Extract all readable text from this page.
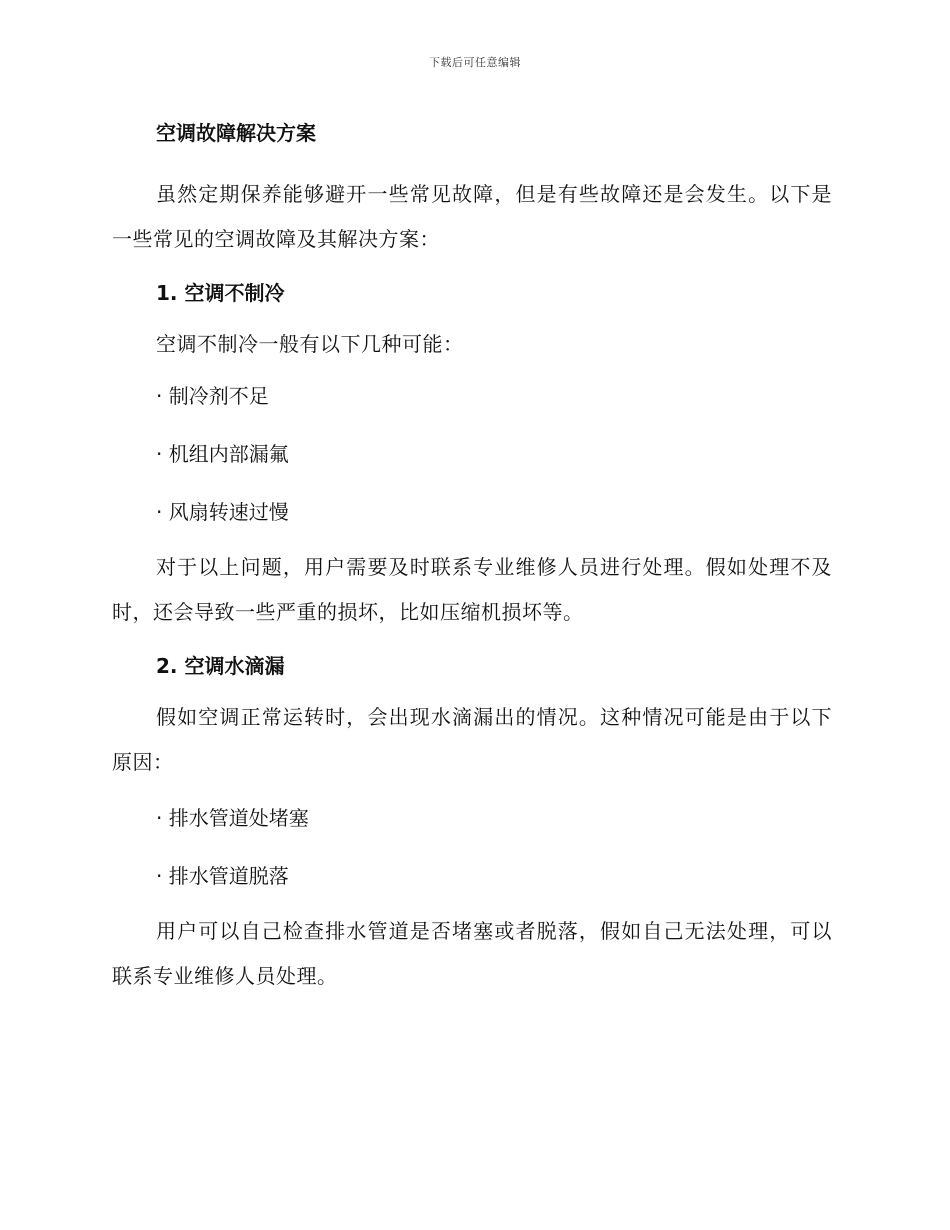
下载后可任意编辑
空调故障解决方案

虽然定期保养能够避开一些常见故障，但是有些故障还是会发生。以下是一些常见的空调故障及其解决方案：

1. 空调不制冷

空调不制冷一般有以下几种可能：

· 制冷剂不足

· 机组内部漏氟

· 风扇转速过慢

对于以上问题，用户需要及时联系专业维修人员进行处理。假如处理不及时，还会导致一些严重的损坏，比如压缩机损坏等。

2. 空调水滴漏

假如空调正常运转时，会出现水滴漏出的情况。这种情况可能是由于以下原因：

· 排水管道处堵塞

· 排水管道脱落

用户可以自己检查排水管道是否堵塞或者脱落，假如自己无法处理，可以联系专业维修人员处理。
